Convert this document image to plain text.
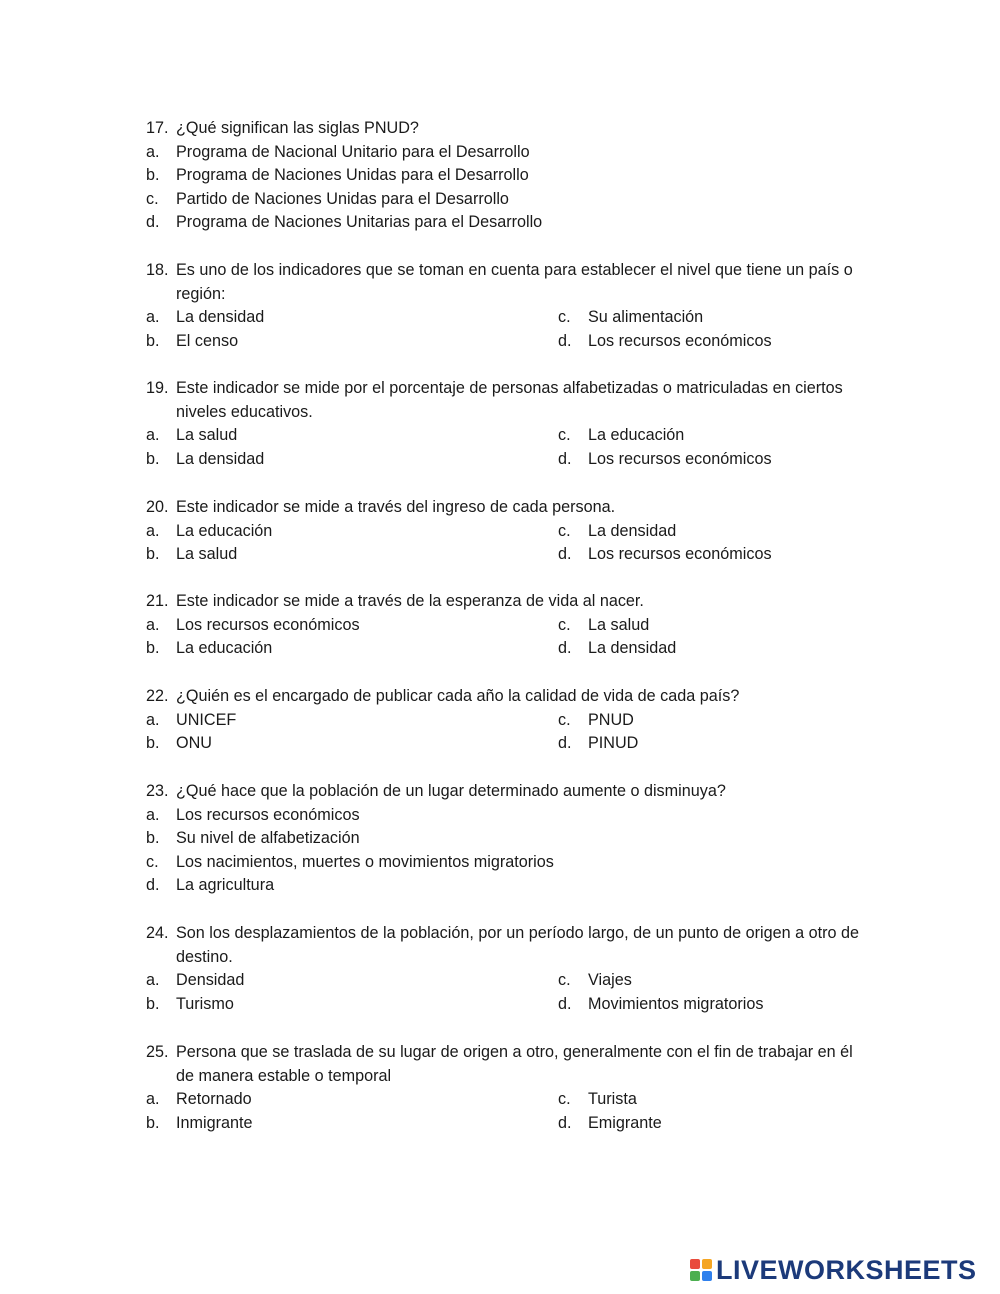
17. ¿Qué significan las siglas PNUD?
a.	Programa de Nacional Unitario para el Desarrollo
b.	Programa de Naciones Unidas para el Desarrollo
c.	Partido de Naciones Unidas para el Desarrollo
d.	Programa de Naciones Unitarias para el Desarrollo
18. Es uno de los indicadores que se toman en cuenta para establecer el nivel que tiene un país o
región:
a.	La densidad	c.	Su alimentación
b.	El censo	d.	Los recursos económicos
19. Este indicador se mide por el porcentaje de personas alfabetizadas o matriculadas en ciertos
niveles educativos.
a.	La salud	c.	La educación
b.	La densidad	d.	Los recursos económicos
20. Este indicador se mide a través del ingreso de cada persona.
a.	La educación	c.	La densidad
b.	La salud	d.	Los recursos económicos
21. Este indicador se mide a través de la esperanza de vida al nacer.
a.	Los recursos económicos	c.	La salud
b.	La educación	d.	La densidad
22. ¿Quién es el encargado de publicar cada año la calidad de vida de cada país?
a.	UNICEF	c.	PNUD
b.	ONU	d.	PINUD
23. ¿Qué hace que la población de un lugar determinado aumente o disminuya?
a.	Los recursos económicos
b.	Su nivel de alfabetización
c.	Los nacimientos, muertes o movimientos migratorios
d.	La agricultura
24. Son los desplazamientos de la población, por un período largo, de un punto de origen a otro de
destino.
a.	Densidad	c.	Viajes
b.	Turismo	d.	Movimientos migratorios
25. Persona que se traslada de su lugar de origen a otro, generalmente con el fin de trabajar en él
de manera estable o temporal
a.	Retornado	c.	Turista
b.	Inmigrante	d.	Emigrante
LIVEWORKSHEETS
